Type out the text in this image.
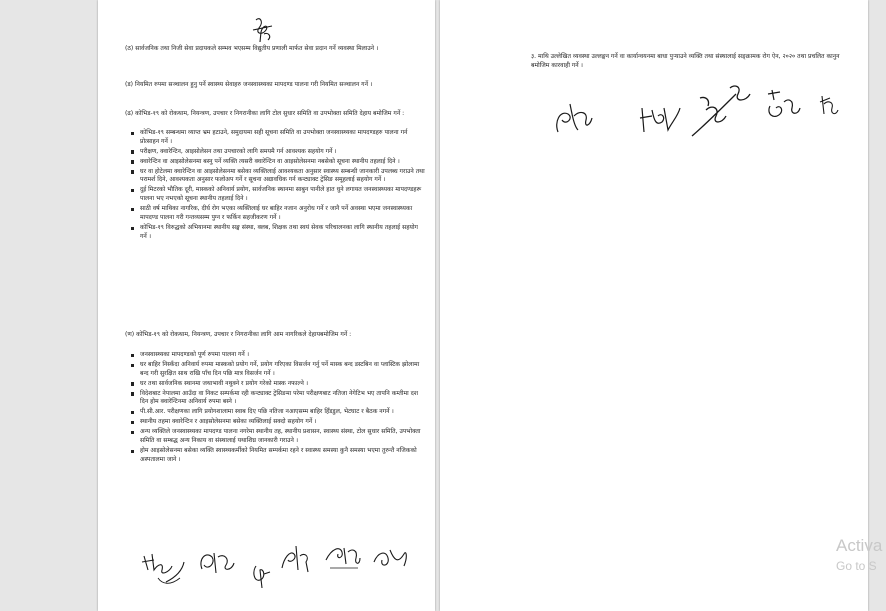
(ठ) सार्वजनिक तथा निजी सेवा प्रदायकले सम्भव भएसम्म विद्युतीय प्रणाली मार्फत सेवा प्रदान गर्ने व्यवस्था मिलाउने ।
(ड) नियमित रुपमा सञ्चालन हुनु पर्ने स्वास्थ्य सेवाहरु जनस्वास्थ्यका मापदण्ड पालना गरी नियमित सञ्चालन गर्ने ।
(ढ) कोभिड-१९ को रोकथाम, नियन्त्रण, उपचार र निगरानीका लागि टोल सुधार समिति वा उपभोक्ता समिति देहाय बमोजिम गर्ने :
कोभिड-१९ सम्बन्धमा व्याप्त भ्रम हटाउने, समुदायमा सही सूचना समिति वा उपभोक्ता जनस्वास्थ्यका मापदण्डहरु पालना गर्न प्रोत्साहन गर्ने ।
परीक्षण, क्वारेन्टिन, आइसोलेसन तथा उपचारको लागि समयमै गर्न आवश्यक सहयोग गर्ने ।
क्वारेन्टिन वा आइसोलेसनमा बस्नु पर्ने व्यक्ति त्यसरी क्वारेन्टिन वा आइसोलेसनमा नबसेको सूचना स्थानीय तहलाई दिने ।
घर वा होटेलमा क्वारेन्टिन वा आइसोलेसनमा बसेका व्यक्तिलाई आवश्यकता अनुसार स्वास्थ्य सम्बन्धी जानकारी उपलब्ध गराउने तथा परामर्श दिने, आवश्यकता अनुसार फलोअप गर्ने र सूचना अद्यावधिक गर्न कन्ट्याक्ट ट्रेसिङ समूहलाई सहयोग गर्ने ।
दुई मिटरको भौतिक दूरी, मास्कको अनिवार्य प्रयोग, सार्वजनिक स्थानमा साबुन पानीले हात धुने लगायत जनस्वास्थ्यका मापदण्डहरू पालना भए नभएको सूचना स्थानीय तहलाई दिने ।
साठी वर्ष माथिका नागरिक, दीर्घ रोग भएका व्यक्तिलाई घर बाहिर नजान अनुरोध गर्ने र जानै पर्ने अवस्था भएमा जनस्वास्थ्यका मापदण्ड पालना गरी गन्तव्यसम्म पुग्न र फर्किन सहजीकरण गर्ने ।
कोभिड-१९ विरुद्धको अभियानमा स्थानीय सङ्घ संस्था, क्लब, शिक्षक तथा स्वयं सेवक परिचालनका लागि स्थानीय तहलाई सहयोग गर्ने ।
(ण) कोभिड-१९ को रोकथाम, नियन्त्रण, उपचार र निगरानीका लागि आम नागरिकले देहायबमोजिम गर्ने :
जनस्वास्थ्यका मापदण्डको पूर्ण रुपमा पालना गर्ने ।
घर बाहिर निस्कँदा अनिवार्य रुपमा मास्कको प्रयोग गर्ने, प्रयोग गरिएका विसर्जन गर्नु पर्ने मास्क बन्द डस्टबिन वा प्लास्टिक झोलामा बन्द गरी सुरक्षित साथ राखि पाँच दिन पछि मात्र विसर्जन गर्ने ।
घर तथा सार्वजनिक स्थानमा जथाभावी नथुक्ने र प्रयोग गरेको मास्क नफाल्ने ।
विदेशबाट नेपालमा आउँदा वा निकट सम्पर्कमा रही कन्ट्याक्ट ट्रेसिङमा परेमा परीक्षणबाट नतिजा नेगेटिभ भए तापनि कम्तीमा दश दिन होम क्वारेन्टिनमा अनिवार्य रुपमा बस्ने ।
पी.सी.आर. परीक्षणका लागि प्रयोगशालामा स्वाब दिए पछि नतिजा नआएसम्म बाहिर हिँडडुल, भेटघाट र बैठक नगर्ने ।
स्थानीय तहमा क्वारेन्टिन र आइसोलेसनमा बसेका व्यक्तिलाई सक्दो सहयोग गर्ने ।
अन्य व्यक्तिले जनस्वास्थ्यका मापदण्ड पालना नगरेमा स्थानीय तह, स्थानीय प्रशासन, स्वास्थ्य संस्था, टोल सुधार समिति, उपभोक्ता समिति वा सम्बद्ध अन्य निकाय वा संस्थालाई यथाशिघ्र जानकारी गराउने ।
होम आइसोलेसनमा बसेका व्यक्ति स्वास्थ्यकर्मीको नियमित सम्पर्कमा रहने र स्वास्थ्य समस्या कुनै समस्या भएमा तुरुन्तै नजिकको अस्पतालमा जाने ।
३. माथि उल्लेखित व्यवस्था उल्लङ्घन गर्ने वा कार्यान्वयनमा बाधा पुऱ्याउने व्यक्ति तथा संस्थालाई सङ्क्रामक रोग ऐन, २०२० तथा प्रचलित कानुन बमोजिम कारवाही गर्ने ।
Activa
Go to S
